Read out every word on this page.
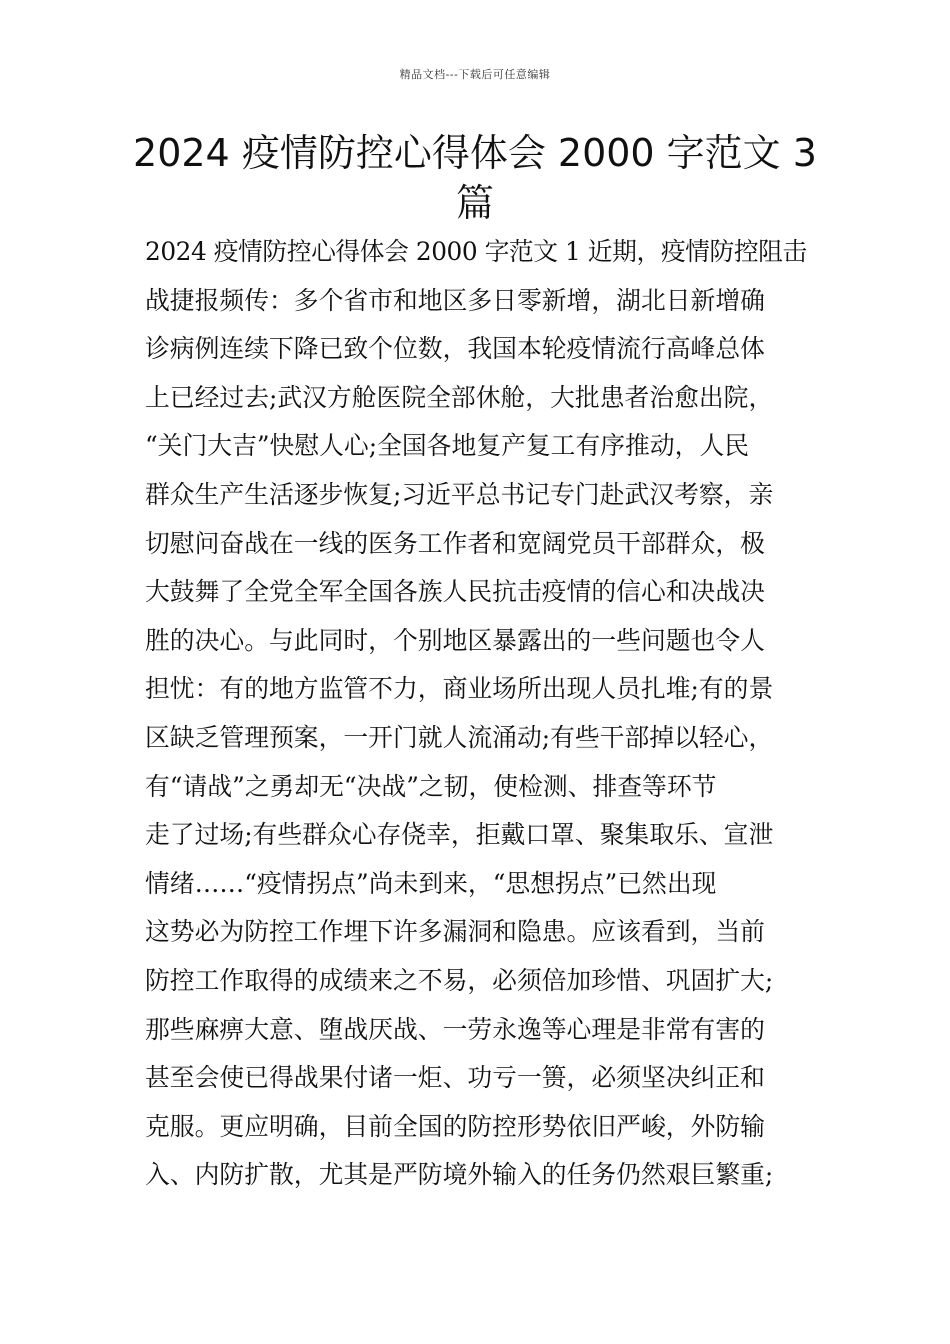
精品文档---下载后可任意编辑
2024 疫情防控心得体会 2000 字范文 3 篇
2024 疫情防控心得体会 2000 字范文 1 近期，疫情防控阻击
战捷报频传：多个省市和地区多日零新增，湖北日新增确
诊病例连续下降已致个位数，我国本轮疫情流行高峰总体
上已经过去;武汉方舱医院全部休舱，大批患者治愈出院，
“关门大吉”快慰人心;全国各地复产复工有序推动，人民
群众生产生活逐步恢复;习近平总书记专门赴武汉考察，亲
切慰问奋战在一线的医务工作者和宽阔党员干部群众，极
大鼓舞了全党全军全国各族人民抗击疫情的信心和决战决
胜的决心。与此同时，个别地区暴露出的一些问题也令人
担忧：有的地方监管不力，商业场所出现人员扎堆;有的景
区缺乏管理预案，一开门就人流涌动;有些干部掉以轻心，
有“请战”之勇却无“决战”之韧，使检测、排查等环节
走了过场;有些群众心存侥幸，拒戴口罩、聚集取乐、宣泄
情绪……“疫情拐点”尚未到来，“思想拐点”已然出现
这势必为防控工作埋下许多漏洞和隐患。应该看到，当前
防控工作取得的成绩来之不易，必须倍加珍惜、巩固扩大;
那些麻痹大意、堕战厌战、一劳永逸等心理是非常有害的
甚至会使已得战果付诸一炬、功亏一篑，必须坚决纠正和
克服。更应明确，目前全国的防控形势依旧严峻，外防输
入、内防扩散，尤其是严防境外输入的任务仍然艰巨繁重;
